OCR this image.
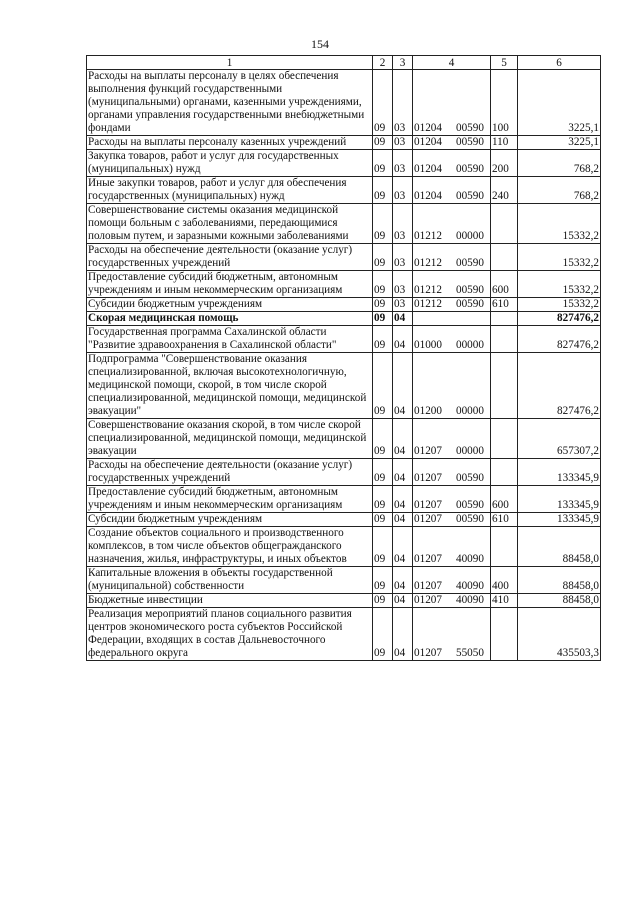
154
1	2	3	4	5	6
Расходы на выплаты персоналу в целях обеспечения выполнения функций государственными (муниципальными) органами, казенными учреждениями, органами управления государственными внебюджетными фондами	09	03	01204 00590	100	3225,1
Расходы на выплаты персоналу казенных учреждений	09	03	01204 00590	110	3225,1
Закупка товаров, работ и услуг для государственных (муниципальных) нужд	09	03	01204 00590	200	768,2
Иные закупки товаров, работ и услуг для обеспечения государственных (муниципальных) нужд	09	03	01204 00590	240	768,2
Совершенствование системы оказания медицинской помощи больным с заболеваниями, передающимися половым путем, и заразными кожными заболеваниями	09	03	01212 00000		15332,2
Расходы на обеспечение деятельности (оказание услуг) государственных учреждений	09	03	01212 00590		15332,2
Предоставление субсидий бюджетным, автономным учреждениям и иным некоммерческим организациям	09	03	01212 00590	600	15332,2
Субсидии бюджетным учреждениям	09	03	01212 00590	610	15332,2
Скорая медицинская помощь	09	04			827476,2
Государственная программа Сахалинской области "Развитие здравоохранения в Сахалинской области"	09	04	01000 00000		827476,2
Подпрограмма "Совершенствование оказания специализированной, включая высокотехнологичную, медицинской помощи, скорой, в том числе скорой специализированной, медицинской помощи, медицинской эвакуации"	09	04	01200 00000		827476,2
Совершенствование оказания скорой, в том числе скорой специализированной, медицинской помощи, медицинской эвакуации	09	04	01207 00000		657307,2
Расходы на обеспечение деятельности (оказание услуг) государственных учреждений	09	04	01207 00590		133345,9
Предоставление субсидий бюджетным, автономным учреждениям и иным некоммерческим организациям	09	04	01207 00590	600	133345,9
Субсидии бюджетным учреждениям	09	04	01207 00590	610	133345,9
Создание объектов социального и производственного комплексов, в том числе объектов общегражданского назначения, жилья, инфраструктуры, и иных объектов	09	04	01207 40090		88458,0
Капитальные вложения в объекты государственной (муниципальной) собственности	09	04	01207 40090	400	88458,0
Бюджетные инвестиции	09	04	01207 40090	410	88458,0
Реализация мероприятий планов социального развития центров экономического роста субъектов Российской Федерации, входящих в состав Дальневосточного федерального округа	09	04	01207 55050		435503,3
